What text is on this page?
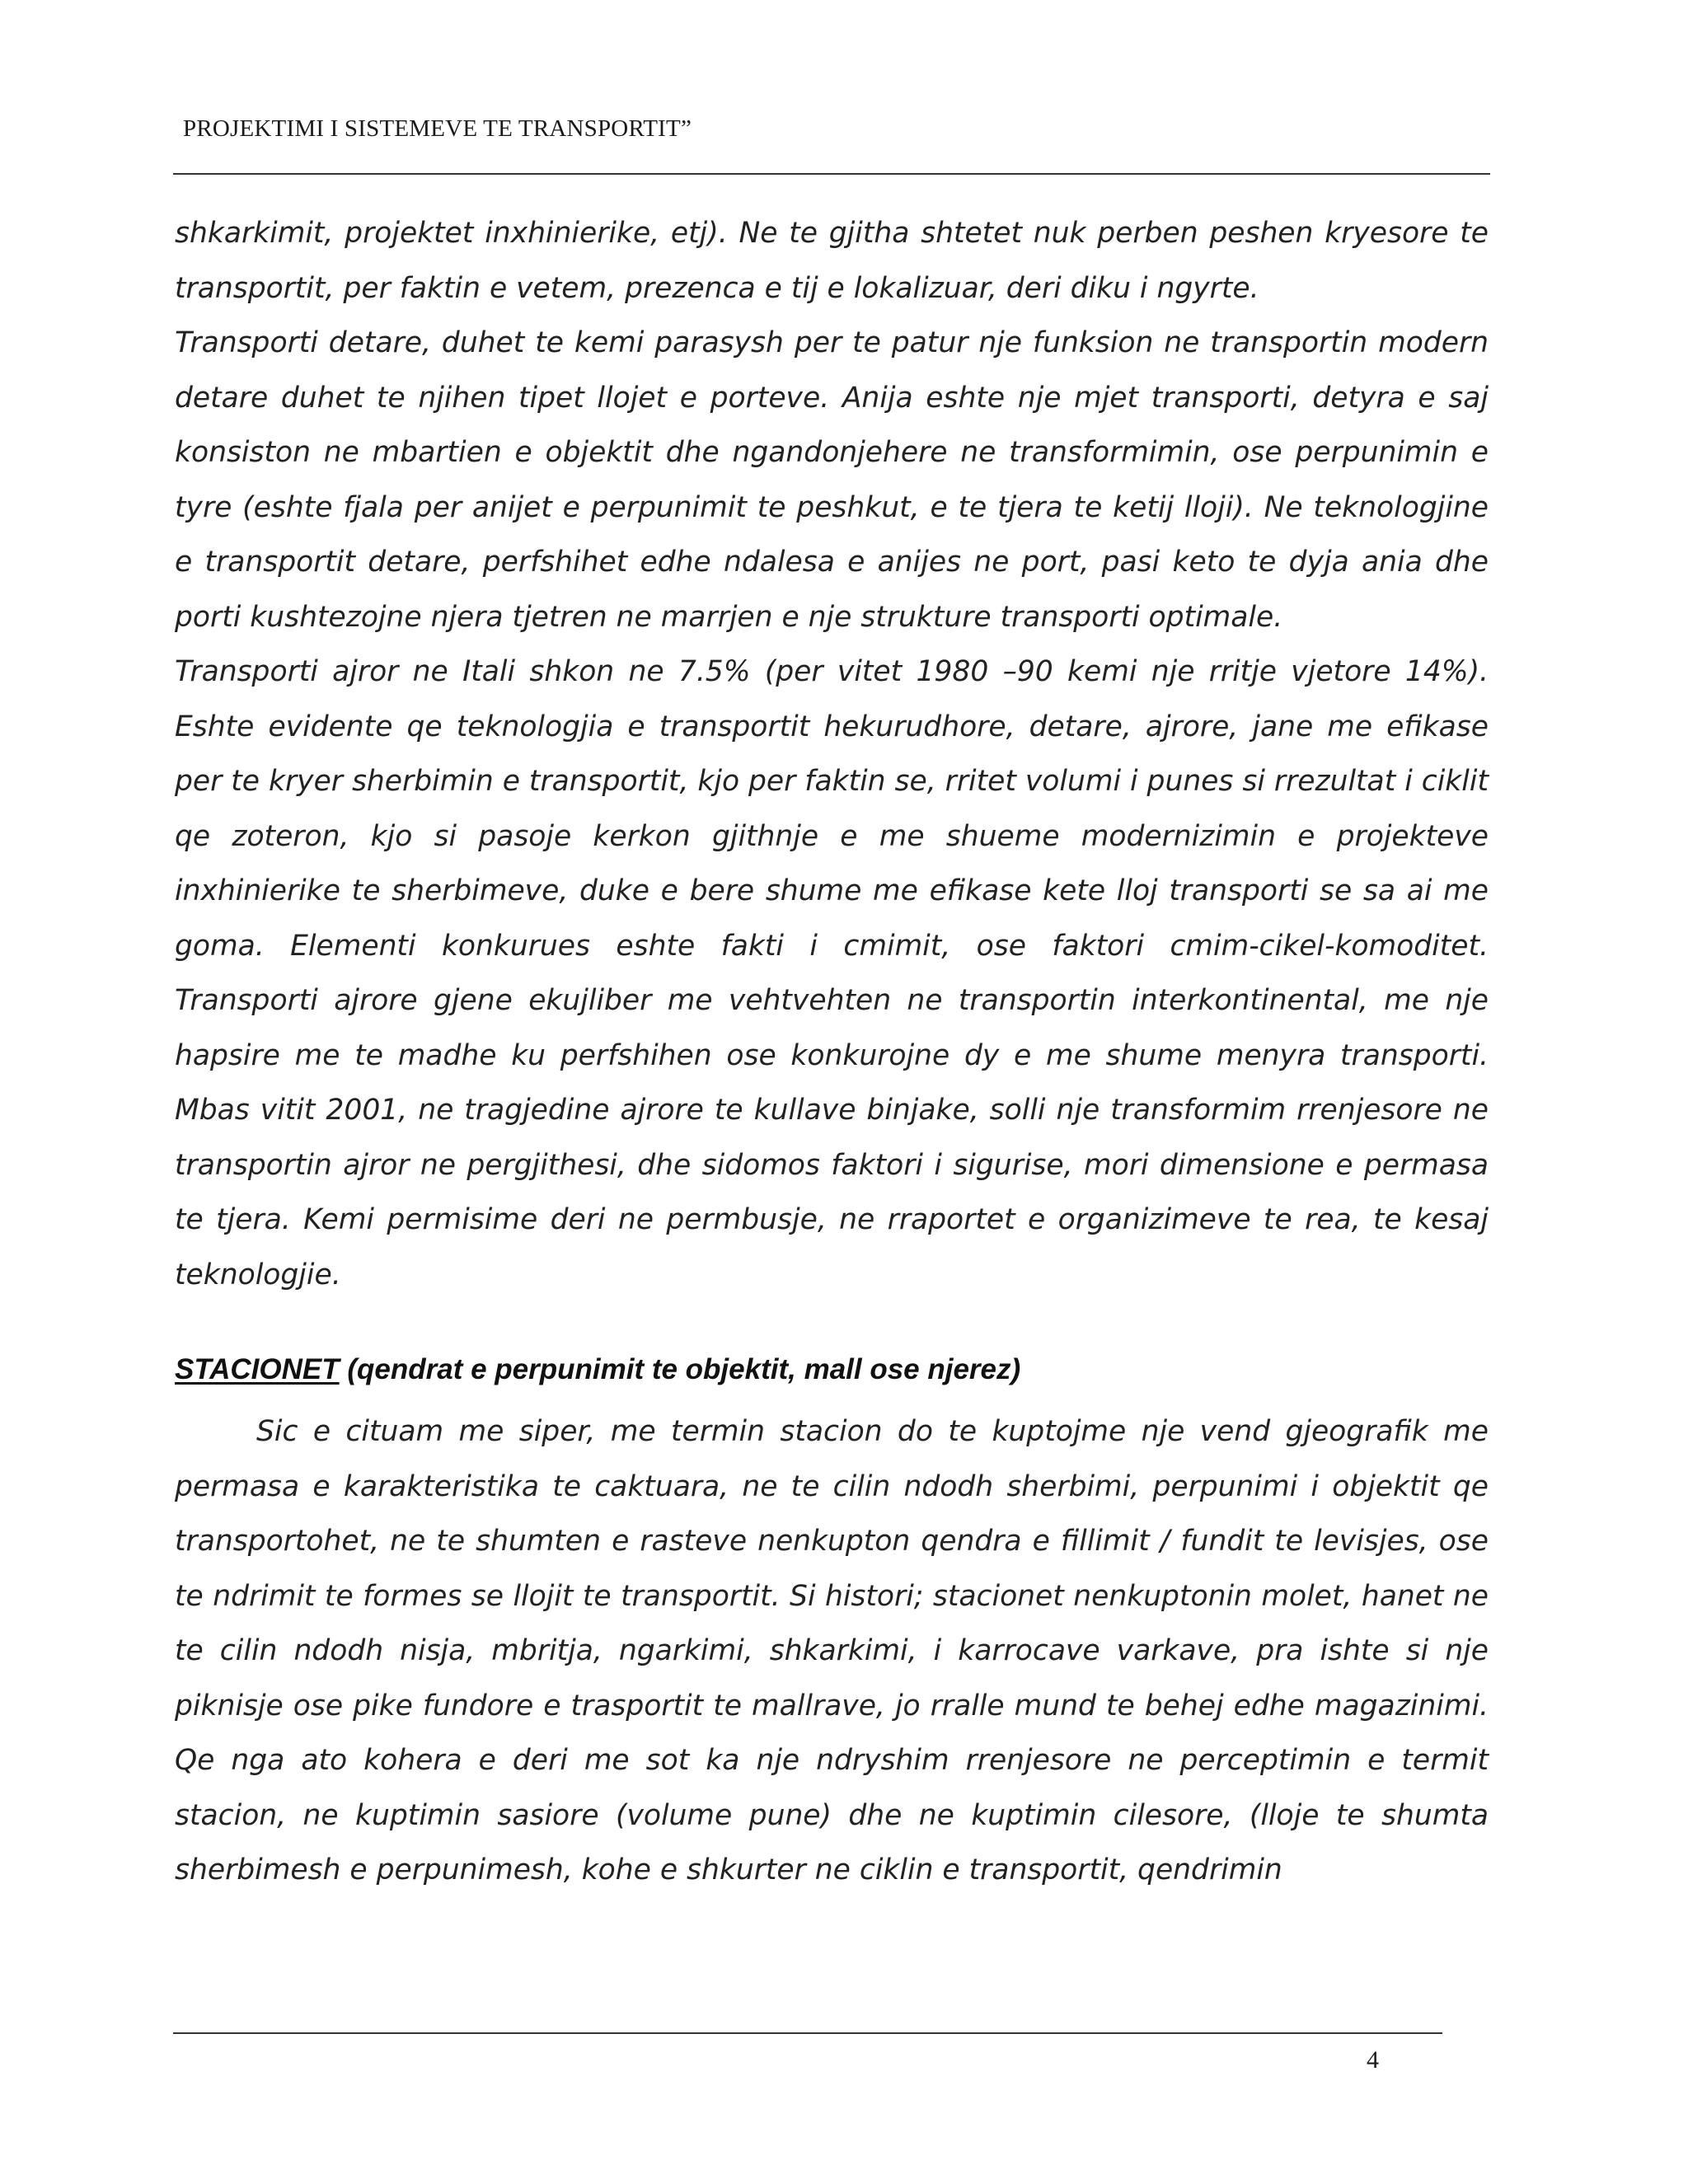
PROJEKTIMI I SISTEMEVE TE TRANSPORTIT”

shkarkimit, projektet inxhinierike, etj). Ne te gjitha shtetet nuk perben peshen kryesore te transportit, per faktin e vetem, prezenca e tij e lokalizuar, deri diku i ngyrte.

Transporti detare, duhet te kemi parasysh per te patur nje funksion ne transportin modern detare duhet te njihen tipet llojet e porteve. Anija eshte nje mjet transporti, detyra e saj konsiston ne mbartien e objektit dhe ngandonjehere ne transformimin, ose perpunimin e tyre (eshte fjala per anijet e perpunimit te peshkut, e te tjera te ketij lloji). Ne teknologjine e transportit detare, perfshihet edhe ndalesa e anijes ne port, pasi keto te dyja ania dhe porti kushtezojne njera tjetren ne marrjen e nje strukture transporti optimale.

Transporti ajror ne Itali shkon ne 7.5% (per vitet 1980 –90 kemi nje rritje vjetore 14%). Eshte evidente qe teknologjia e transportit hekurudhore, detare, ajrore, jane me efikase per te kryer sherbimin e transportit, kjo per faktin se, rritet volumi i punes si rrezultat i ciklit qe zoteron, kjo si pasoje kerkon gjithnje e me shueme modernizimin e projekteve inxhinierike te sherbimeve, duke e bere shume me efikase kete lloj transporti se sa ai me goma. Elementi konkurues eshte fakti i cmimit, ose faktori cmim-cikel-komoditet. Transporti ajrore gjene ekujliber me vehtvehten ne transportin interkontinental, me nje hapsire me te madhe ku perfshihen ose konkurojne dy e me shume menyra transporti. Mbas vitit 2001, ne tragjedine ajrore te kullave binjake, solli nje transformim rrenjesore ne transportin ajror ne pergjithesi, dhe sidomos faktori i sigurise, mori dimensione e permasa te tjera. Kemi permisime deri ne permbusje, ne rraportet e organizimeve te rea, te kesaj teknologjie.

STACIONET (qendrat e perpunimit te objektit, mall ose njerez)

Sic e cituam me siper, me termin stacion do te kuptojme nje vend gjeografik me permasa e karakteristika te caktuara, ne te cilin ndodh sherbimi, perpunimi i objektit qe transportohet, ne te shumten e rasteve nenkupton qendra e fillimit / fundit te levisjes, ose te ndrimit te formes se llojit te transportit. Si histori; stacionet nenkuptonin molet, hanet ne te cilin ndodh nisja, mbritja, ngarkimi, shkarkimi, i karrocave varkave, pra ishte si nje piknisje ose pike fundore e trasportit te mallrave, jo rralle mund te behej edhe magazinimi. Qe nga ato kohera e deri me sot ka nje ndryshim rrenjesore ne perceptimin e termit stacion, ne kuptimin sasiore (volume pune) dhe ne kuptimin cilesore, (lloje te shumta sherbimesh e perpunimesh, kohe e shkurter ne ciklin e transportit, qendrimin

4
